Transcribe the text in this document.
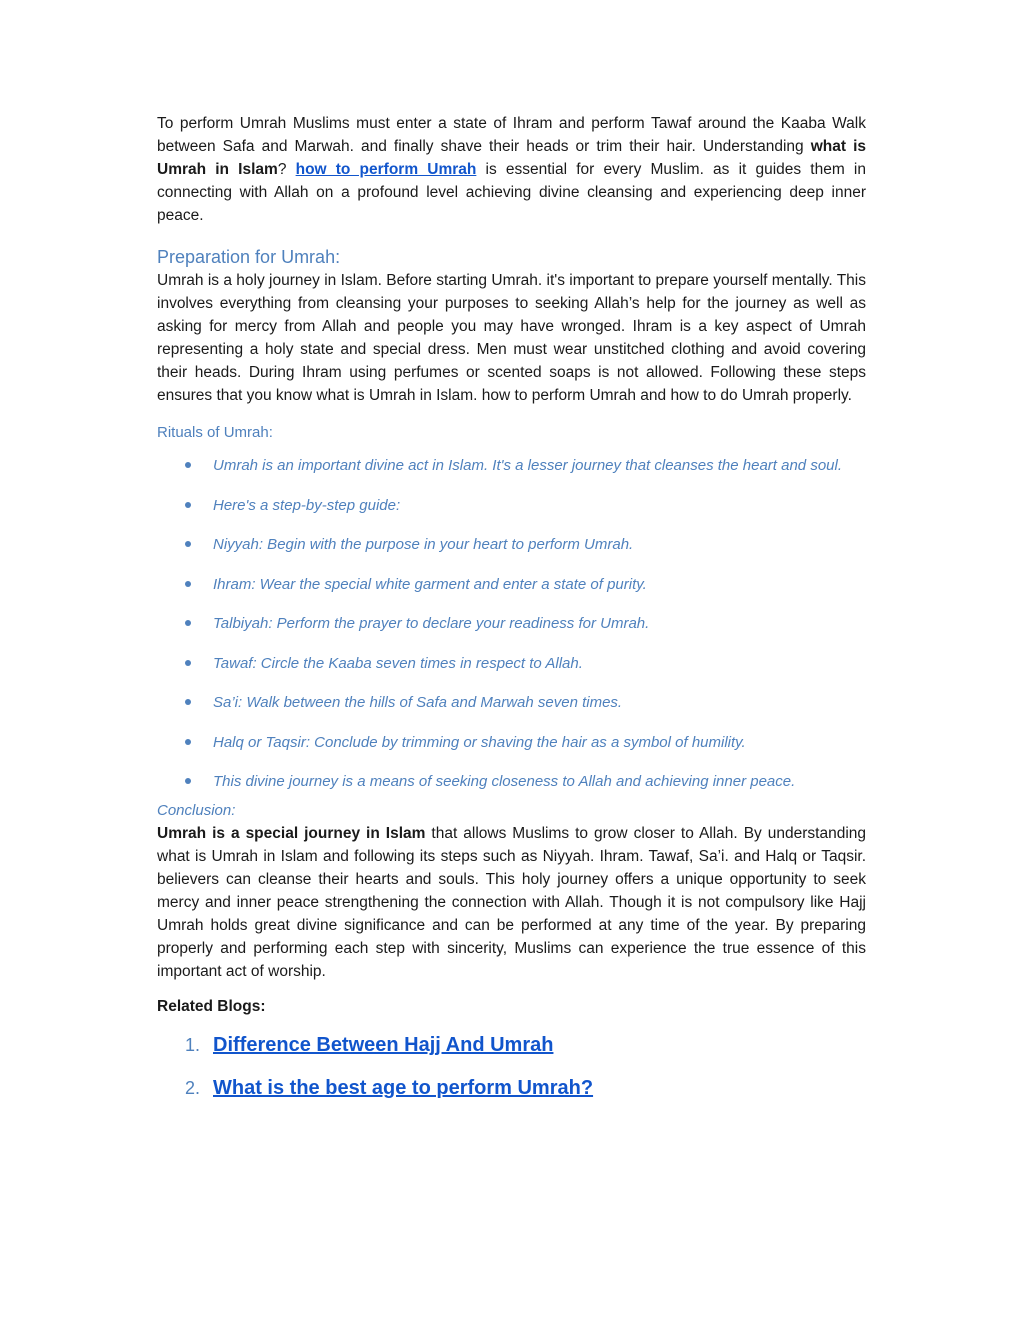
To perform Umrah Muslims must enter a state of Ihram and perform Tawaf around the Kaaba Walk between Safa and Marwah. and finally shave their heads or trim their hair. Understanding what is Umrah in Islam? how to perform Umrah is essential for every Muslim. as it guides them in connecting with Allah on a profound level achieving divine cleansing and experiencing deep inner peace.

Preparation for Umrah:

Umrah is a holy journey in Islam. Before starting Umrah. it's important to prepare yourself mentally. This involves everything from cleansing your purposes to seeking Allah’s help for the journey as well as asking for mercy from Allah and people you may have wronged. Ihram is a key aspect of Umrah representing a holy state and special dress. Men must wear unstitched clothing and avoid covering their heads. During Ihram using perfumes or scented soaps is not allowed. Following these steps ensures that you know what is Umrah in Islam. how to perform Umrah and how to do Umrah properly.

Rituals of Umrah:
Umrah is an important divine act in Islam. It's a lesser journey that cleanses the heart and soul.
Here's a step-by-step guide:
Niyyah: Begin with the purpose in your heart to perform Umrah.
Ihram: Wear the special white garment and enter a state of purity.
Talbiyah: Perform the prayer to declare your readiness for Umrah.
Tawaf: Circle the Kaaba seven times in respect to Allah.
Sa’i: Walk between the hills of Safa and Marwah seven times.
Halq or Taqsir: Conclude by trimming or shaving the hair as a symbol of humility.
This divine journey is a means of seeking closeness to Allah and achieving inner peace.

Conclusion:

Umrah is a special journey in Islam that allows Muslims to grow closer to Allah. By understanding what is Umrah in Islam and following its steps such as Niyyah. Ihram. Tawaf, Sa’i. and Halq or Taqsir. believers can cleanse their hearts and souls. This holy journey offers a unique opportunity to seek mercy and inner peace strengthening the connection with Allah. Though it is not compulsory like Hajj Umrah holds great divine significance and can be performed at any time of the year. By preparing properly and performing each step with sincerity, Muslims can experience the true essence of this important act of worship.

Related Blogs:

1. Difference Between Hajj And Umrah
2. What is the best age to perform Umrah?
